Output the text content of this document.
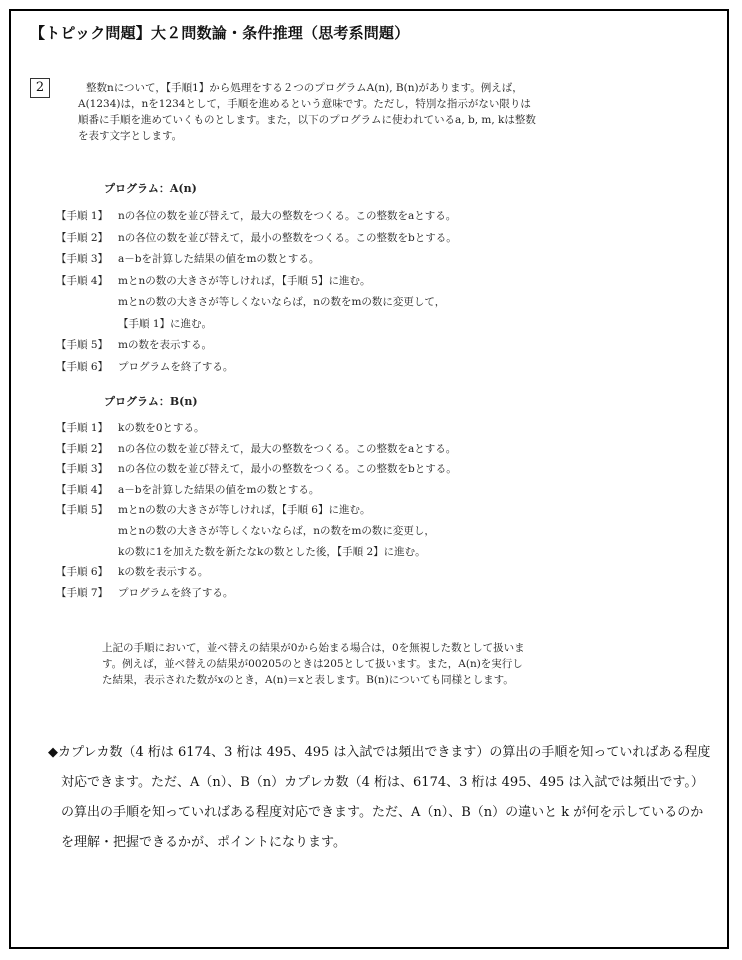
【トピック問題】大２問数論・条件推理（思考系問題）
2	整数nについて，【手順1】から処理をする２つのプログラムA(n), B(n)があります。例えば，A(1234)は，nを1234として，手順を進めるという意味です。ただし，特別な指示がない限りは順番に手順を進めていくものとします。また，以下のプログラムに使われているa, b, m, kは整数を表す文字とします。
プログラム：A(n)
【手順 1】 nの各位の数を並び替えて，最大の整数をつくる。この整数をaとする。
【手順 2】 nの各位の数を並び替えて，最小の整数をつくる。この整数をbとする。
【手順 3】 a－bを計算した結果の値をmの数とする。
【手順 4】 mとnの数の大きさが等しければ，【手順 5】に進む。
mとnの数の大きさが等しくないならば，nの数をmの数に変更して，
【手順 1】に進む。
【手順 5】 mの数を表示する。
【手順 6】 プログラムを終了する。
プログラム：B(n)
【手順 1】 kの数を0とする。
【手順 2】 nの各位の数を並び替えて，最大の整数をつくる。この整数をaとする。
【手順 3】 nの各位の数を並び替えて，最小の整数をつくる。この整数をbとする。
【手順 4】 a－bを計算した結果の値をmの数とする。
【手順 5】 mとnの数の大きさが等しければ，【手順 6】に進む。
mとnの数の大きさが等しくないならば，nの数をmの数に変更し，
kの数に1を加えた数を新たなkの数とした後，【手順 2】に進む。
【手順 6】 kの数を表示する。
【手順 7】 プログラムを終了する。
上記の手順において，並べ替えの結果が0から始まる場合は，0を無視した数として扱います。例えば，並べ替えの結果が00205のときは205として扱います。また，A(n)を実行した結果，表示された数がxのとき，A(n)＝xと表します。B(n)についても同様とします。
◆カプレカ数（4 桁は 6174、3 桁は 495、495 は入試では頻出できます）の算出の手順を知っていればある程度対応できます。ただ、A（n）、B（n）カプレカ数（4 桁は、6174、3 桁は 495、495 は入試では頻出です。）の算出の手順を知っていればある程度対応できます。ただ、A（n）、B（n）の違いと k が何を示しているのかを理解・把握できるかが、ポイントになります。
